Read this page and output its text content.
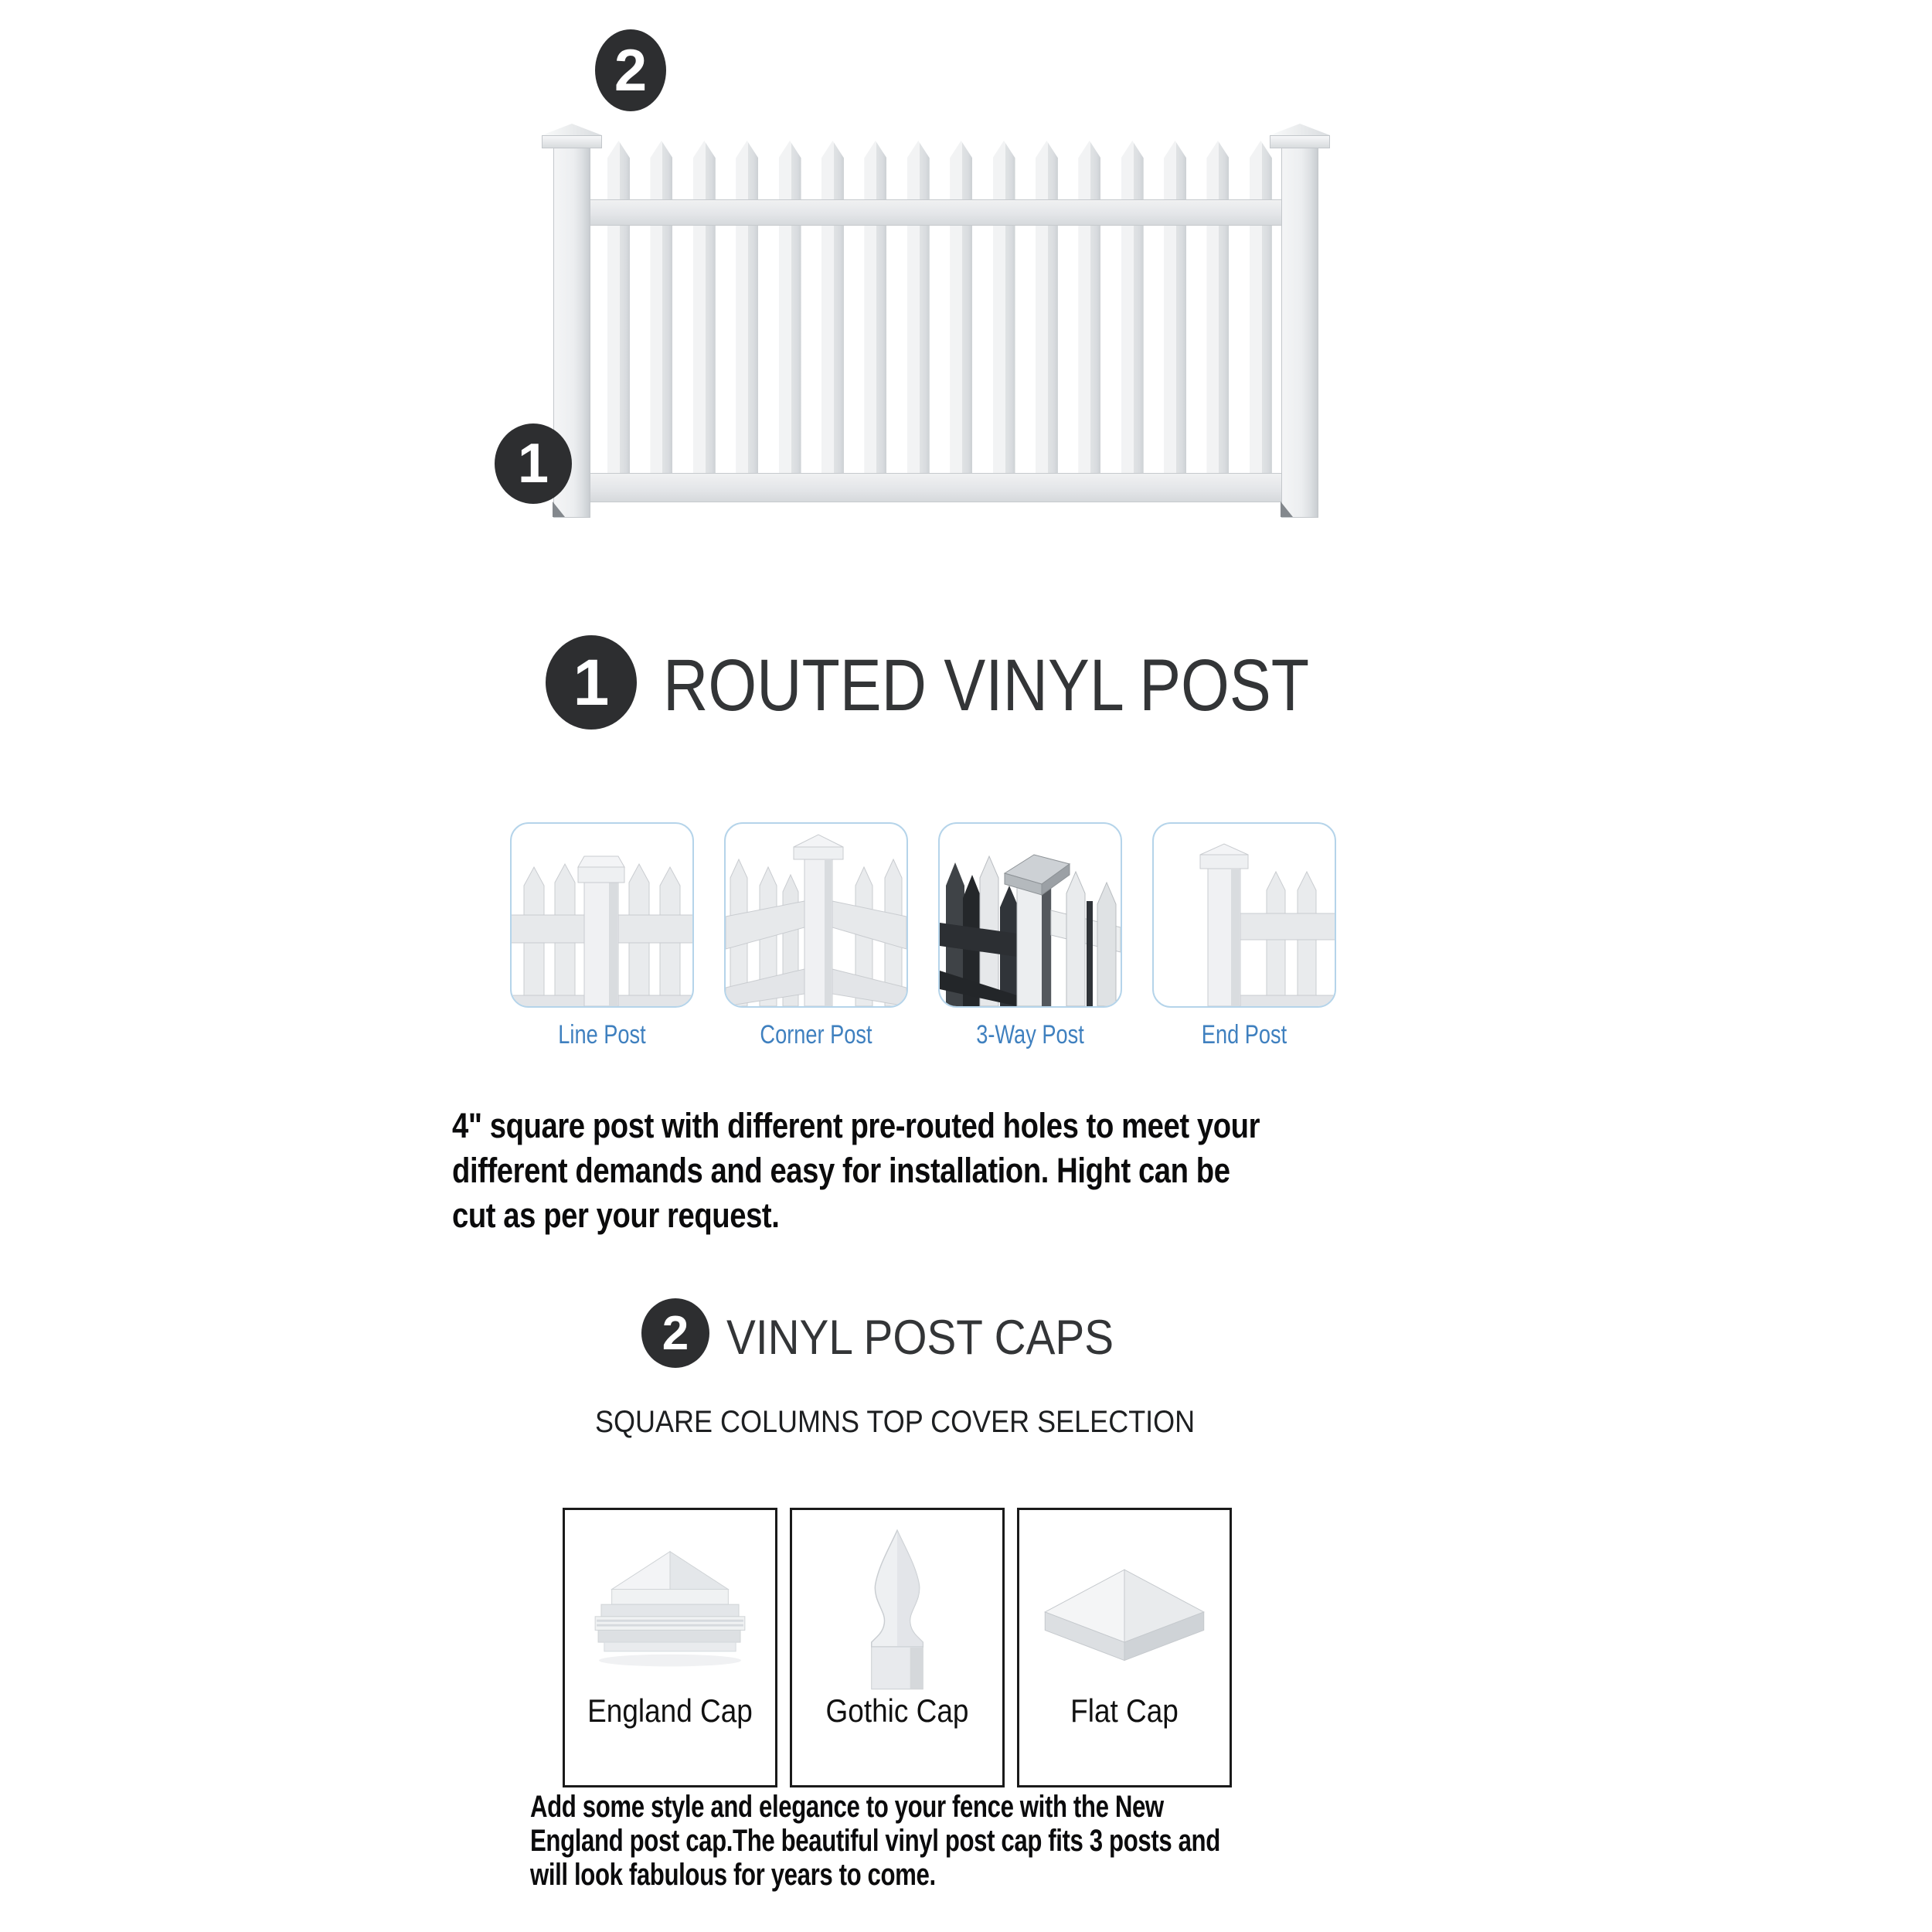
2
1
1 ROUTED VINYL POST
Line Post	Corner Post	3-Way Post	End Post
4" square post with different pre-routed holes to meet your
different demands and easy for installation. Hight can be
cut as per your request.
2 VINYL POST CAPS
SQUARE COLUMNS TOP COVER SELECTION
England Cap	Gothic Cap	Flat Cap
Add some style and elegance to your fence with the New
England post cap.The beautiful vinyl post cap fits 3 posts and
will look fabulous for years to come.
